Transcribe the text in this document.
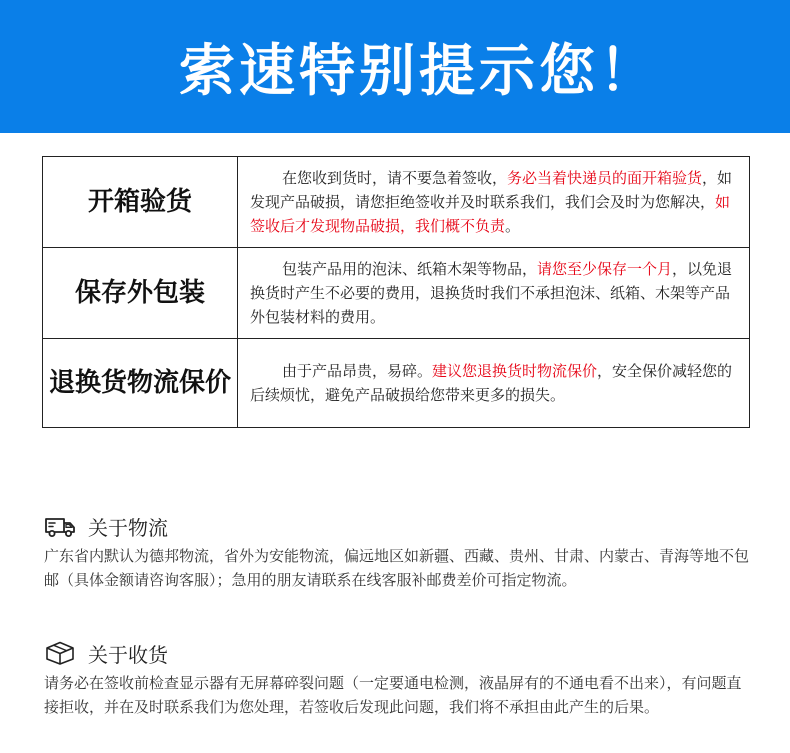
索速特别提示您！
开箱验货	在您收到货时，请不要急着签收，务必当着快递员的面开箱验货，如发现产品破损，请您拒绝签收并及时联系我们，我们会及时为您解决，如签收后才发现物品破损，我们概不负责。
保存外包装	包装产品用的泡沫、纸箱木架等物品，请您至少保存一个月，以免退换货时产生不必要的费用，退换货时我们不承担泡沫、纸箱、木架等产品外包装材料的费用。
退换货物流保价	由于产品昂贵，易碎。建议您退换货时物流保价，安全保价减轻您的后续烦忧，避免产品破损给您带来更多的损失。
关于物流
广东省内默认为德邦物流，省外为安能物流，偏远地区如新疆、西藏、贵州、甘肃、内蒙古、青海等地不包邮（具体金额请咨询客服）；急用的朋友请联系在线客服补邮费差价可指定物流。
关于收货
请务必在签收前检查显示器有无屏幕碎裂问题（一定要通电检测，液晶屏有的不通电看不出来），有问题直接拒收，并在及时联系我们为您处理，若签收后发现此问题，我们将不承担由此产生的后果。
